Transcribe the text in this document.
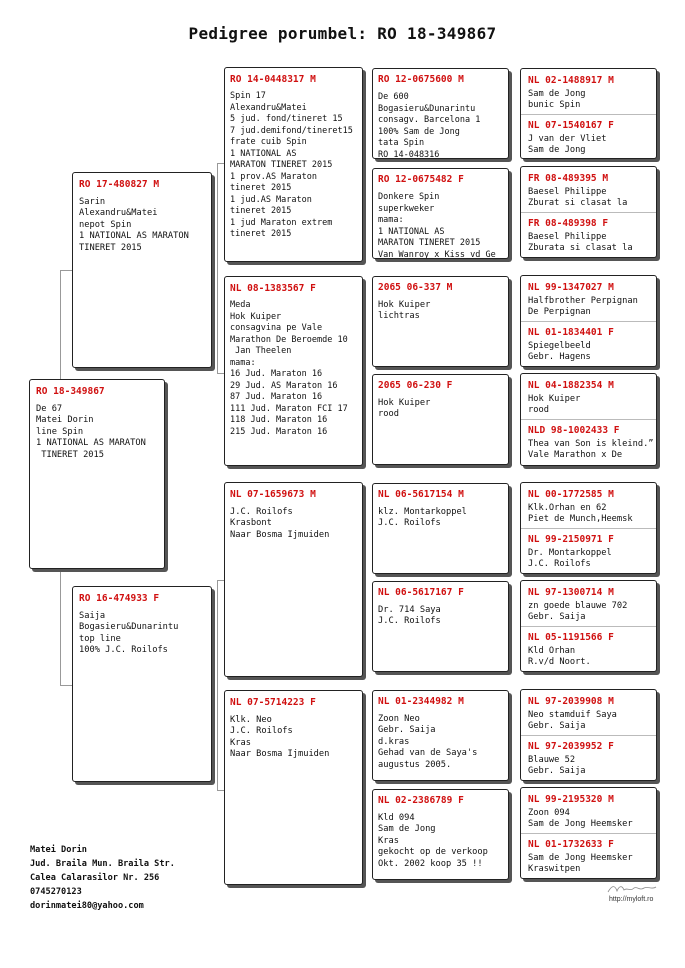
Pedigree porumbel: RO 18-349867
RO 18-349867
De 67
Matei Dorin
line Spin
1 NATIONAL AS MARATON
TINERET 2015
RO 17-480827 M
Sarin
Alexandru&Matei
nepot Spin
1 NATIONAL AS MARATON
TINERET 2015
RO 16-474933 F
Saija
Bogasieru&Dunarintu
top line
100% J.C. Roilofs
RO 14-0448317 M
Spin 17
Alexandru&Matei
5 jud. fond/tineret 15
7 jud.demifond/tineret15
frate cuib Spin
1 NATIONAL AS
MARATON TINERET 2015
1 prov.AS Maraton
tineret 2015
1 jud.AS Maraton
tineret 2015
1 jud Maraton extrem
tineret 2015
NL 08-1383567 F
Meda
Hok Kuiper
consagvina pe Vale
Marathon De Beroemde 10
Jan Theelen
mama:
16 Jud. Maraton 16
29 Jud. AS Maraton 16
87 Jud. Maraton 16
111 Jud. Maraton FCI 17
118 Jud. Maraton 16
215 Jud. Maraton 16
NL 07-1659673 M
J.C. Roilofs
Krasbont
Naar Bosma Ijmuiden
NL 07-5714223 F
Klk. Neo
J.C. Roilofs
Kras
Naar Bosma Ijmuiden
RO 12-0675600 M
De 600
Bogasieru&Dunarintu
consagv. Barcelona 1
100% Sam de Jong
tata Spin
RO 14-048316
RO 12-0675482 F
Donkere Spin
superkweker
mama:
1 NATIONAL AS
MARATON TINERET 2015
Van Wanroy x Kiss vd Ge
2065 06-337 M
Hok Kuiper
lichtras
2065 06-230 F
Hok Kuiper
rood
NL 06-5617154 M
klz. Montarkoppel
J.C. Roilofs
NL 06-5617167 F
Dr. 714 Saya
J.C. Roilofs
NL 01-2344982 M
Zoon Neo
Gebr. Saija
d.kras
Gehad van de Saya's
augustus 2005.
NL 02-2386789 F
Kld 094
Sam de Jong
Kras
gekocht op de verkoop
Okt. 2002 koop 35 !!
NL 02-1488917 M
Sam de Jong
bunic Spin
NL 07-1540167 F
J van der Vliet
Sam de Jong
FR 08-489395 M
Baesel Philippe
Zburat si clasat la
FR 08-489398 F
Baesel Philippe
Zburata si clasat la
NL 99-1347027 M
Halfbrother Perpignan
De Perpignan
NL 01-1834401 F
Spiegelbeeld
Gebr. Hagens
NL 04-1882354 M
Hok Kuiper
rood
NLD 98-1002433 F
Thea van Son is kleind.”
Vale Marathon x De
NL 00-1772585 M
Klk.Orhan en 62
Piet de Munch,Heemsk
NL 99-2150971 F
Dr. Montarkoppel
J.C. Roilofs
NL 97-1300714 M
zn goede blauwe 702
Gebr. Saija
NL 05-1191566 F
Kld Orhan
R.v/d Noort.
NL 97-2039908 M
Neo stamduif Saya
Gebr. Saija
NL 97-2039952 F
Blauwe 52
Gebr. Saija
NL 99-2195320 M
Zoon 094
Sam de Jong Heemsker
NL 01-1732633 F
Sam de Jong Heemsker
Kraswitpen
Matei Dorin
Jud. Braila Mun. Braila Str.
Calea Calarasilor Nr. 256
0745270123
dorinmatei80@yahoo.com
http://myloft.ro
